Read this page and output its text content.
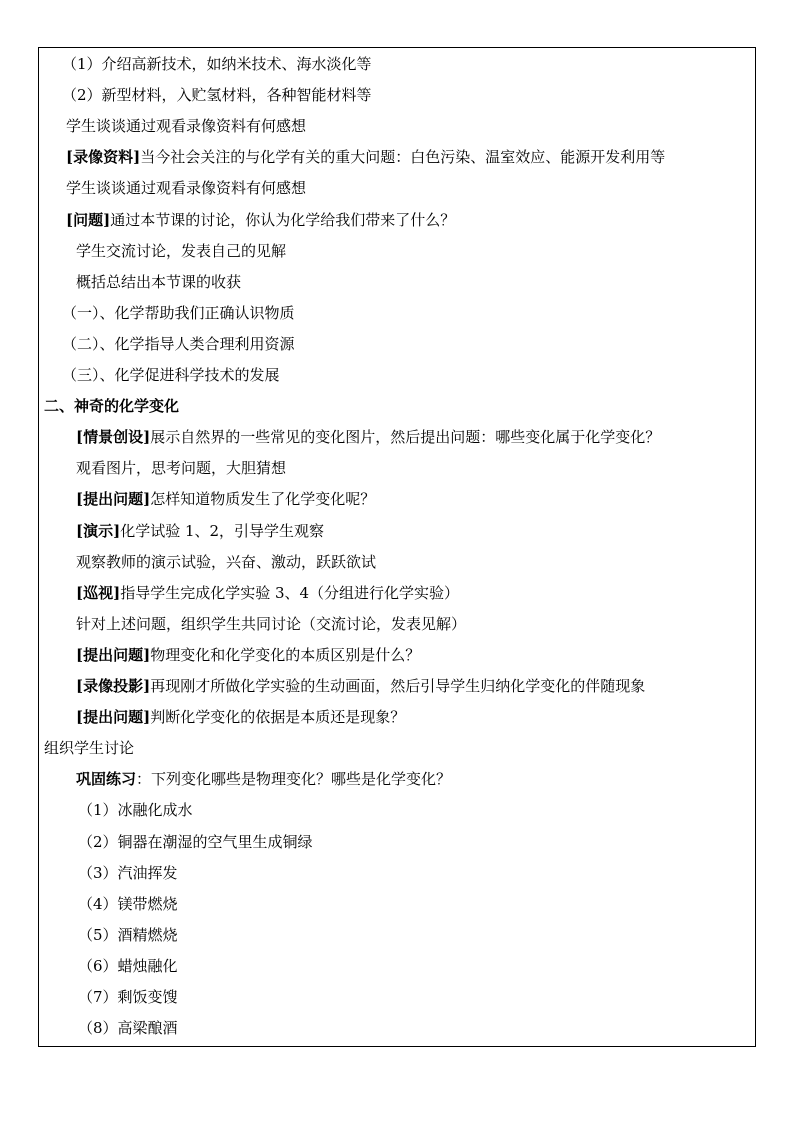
（1）介绍高新技术，如纳米技术、海水淡化等
（2）新型材料，入贮氢材料，各种智能材料等
学生谈谈通过观看录像资料有何感想
[录像资料]当今社会关注的与化学有关的重大问题：白色污染、温室效应、能源开发利用等
学生谈谈通过观看录像资料有何感想
[问题]通过本节课的讨论，你认为化学给我们带来了什么？
学生交流讨论，发表自己的见解
概括总结出本节课的收获
（一）、化学帮助我们正确认识物质
（二）、化学指导人类合理利用资源
（三）、化学促进科学技术的发展
二、神奇的化学变化
[情景创设]展示自然界的一些常见的变化图片，然后提出问题：哪些变化属于化学变化？
观看图片，思考问题，大胆猜想
[提出问题]怎样知道物质发生了化学变化呢？
[演示]化学试验 1、2，引导学生观察
观察教师的演示试验，兴奋、激动，跃跃欲试
[巡视]指导学生完成化学实验 3、4（分组进行化学实验）
针对上述问题，组织学生共同讨论（交流讨论，发表见解）
[提出问题]物理变化和化学变化的本质区别是什么？
[录像投影]再现刚才所做化学实验的生动画面，然后引导学生归纳化学变化的伴随现象
[提出问题]判断化学变化的依据是本质还是现象？
组织学生讨论
巩固练习：下列变化哪些是物理变化？哪些是化学变化？
（1）冰融化成水
（2）铜器在潮湿的空气里生成铜绿
（3）汽油挥发
（4）镁带燃烧
（5）酒精燃烧
（6）蜡烛融化
（7）剩饭变馊
（8）高梁酿酒
